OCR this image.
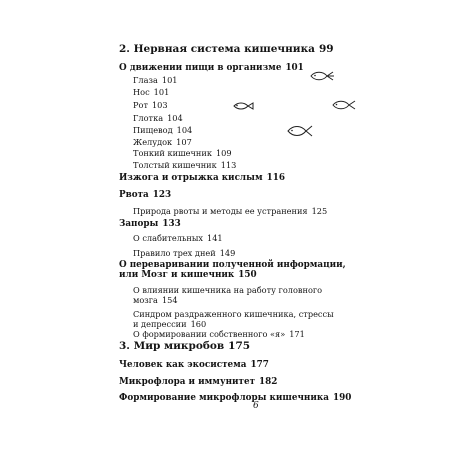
2. Нервная система кишечника 99
О движении пищи в организме 101
Глаза 101
Нос 101
Рот 103
Глотка 104
Пищевод 104
Желудок 107
Тонкий кишечник 109
Толстый кишечник 113
Изжога и отрыжка кислым 116
Рвота 123
Природа рвоты и методы ее устранения 125
Запоры 133
О слабительных 141
Правило трех дней 149
О переваривании полученной информации,
или Мозг и кишечник 150
О влиянии кишечника на работу головного
мозга 154
Синдром раздраженного кишечника, стрессы
и депрессии 160
О формировании собственного «я» 171
6
3. Мир микробов 175
Человек как экосистема 177
Микрофлора и иммунитет 182
Формирование микрофлоры кишечника 190
